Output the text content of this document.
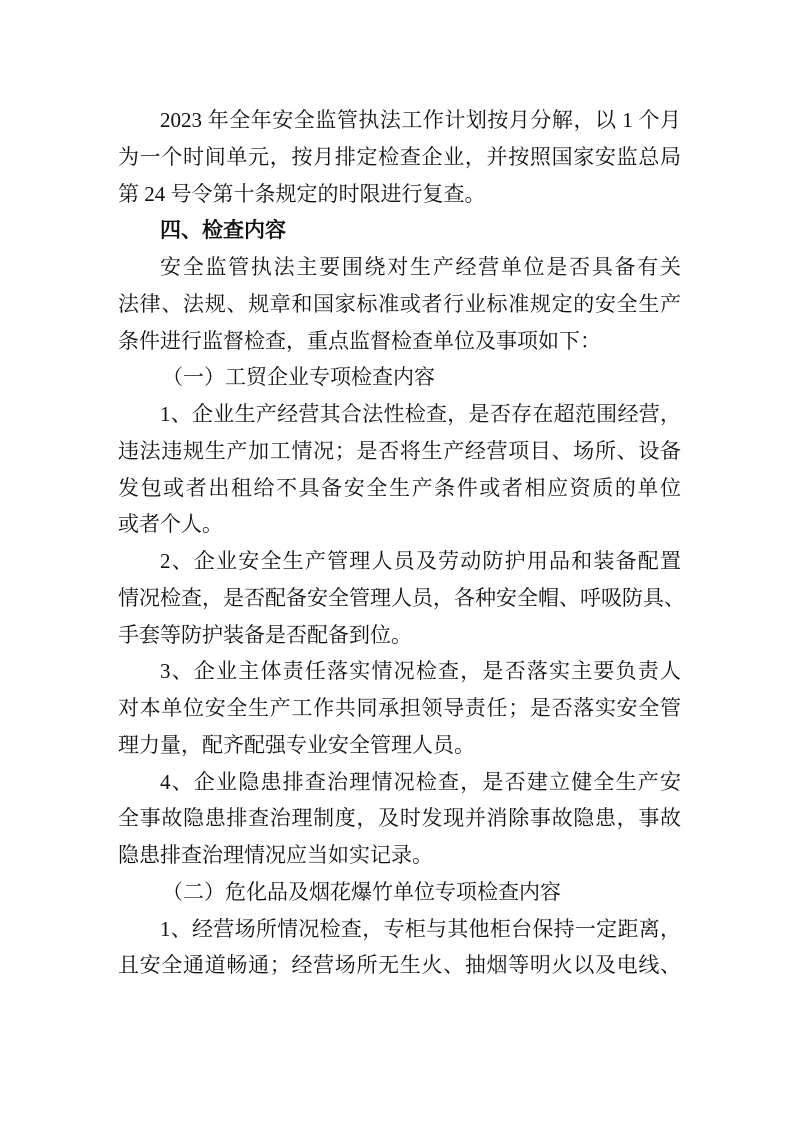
2023 年全年安全监管执法工作计划按月分解，以 1 个月
为一个时间单元，按月排定检查企业，并按照国家安监总局
第 24 号令第十条规定的时限进行复查。
四、检查内容
安全监管执法主要围绕对生产经营单位是否具备有关
法律、法规、规章和国家标准或者行业标准规定的安全生产
条件进行监督检查，重点监督检查单位及事项如下：
（一）工贸企业专项检查内容
1、企业生产经营其合法性检查，是否存在超范围经营，
违法违规生产加工情况；是否将生产经营项目、场所、设备
发包或者出租给不具备安全生产条件或者相应资质的单位
或者个人。
2、企业安全生产管理人员及劳动防护用品和装备配置
情况检查，是否配备安全管理人员，各种安全帽、呼吸防具、
手套等防护装备是否配备到位。
3、企业主体责任落实情况检查，是否落实主要负责人
对本单位安全生产工作共同承担领导责任；是否落实安全管
理力量，配齐配强专业安全管理人员。
4、企业隐患排查治理情况检查，是否建立健全生产安
全事故隐患排查治理制度，及时发现并消除事故隐患，事故
隐患排查治理情况应当如实记录。
（二）危化品及烟花爆竹单位专项检查内容
1、经营场所情况检查，专柜与其他柜台保持一定距离，
且安全通道畅通；经营场所无生火、抽烟等明火以及电线、
